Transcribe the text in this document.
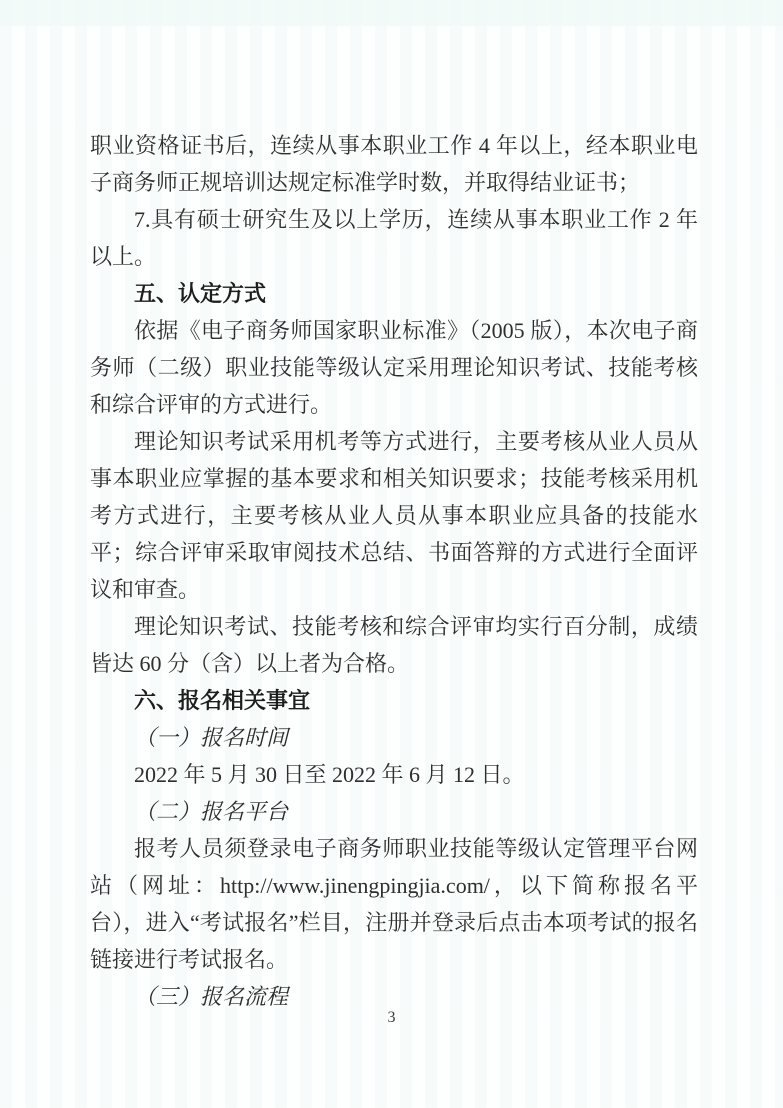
职业资格证书后，连续从事本职业工作 4 年以上，经本职业电子商务师正规培训达规定标准学时数，并取得结业证书；

7.具有硕士研究生及以上学历，连续从事本职业工作 2 年以上。

五、认定方式

依据《电子商务师国家职业标准》（2005 版），本次电子商务师（二级）职业技能等级认定采用理论知识考试、技能考核和综合评审的方式进行。

理论知识考试采用机考等方式进行，主要考核从业人员从事本职业应掌握的基本要求和相关知识要求；技能考核采用机考方式进行，主要考核从业人员从事本职业应具备的技能水平；综合评审采取审阅技术总结、书面答辩的方式进行全面评议和审查。

理论知识考试、技能考核和综合评审均实行百分制，成绩皆达 60 分（含）以上者为合格。

六、报名相关事宜

（一）报名时间

2022 年 5 月 30 日至 2022 年 6 月 12 日。

（二）报名平台

报考人员须登录电子商务师职业技能等级认定管理平台网站（网址：http://www.jinengpingjia.com/，以下简称报名平台），进入“考试报名”栏目，注册并登录后点击本项考试的报名链接进行考试报名。

（三）报名流程

3
